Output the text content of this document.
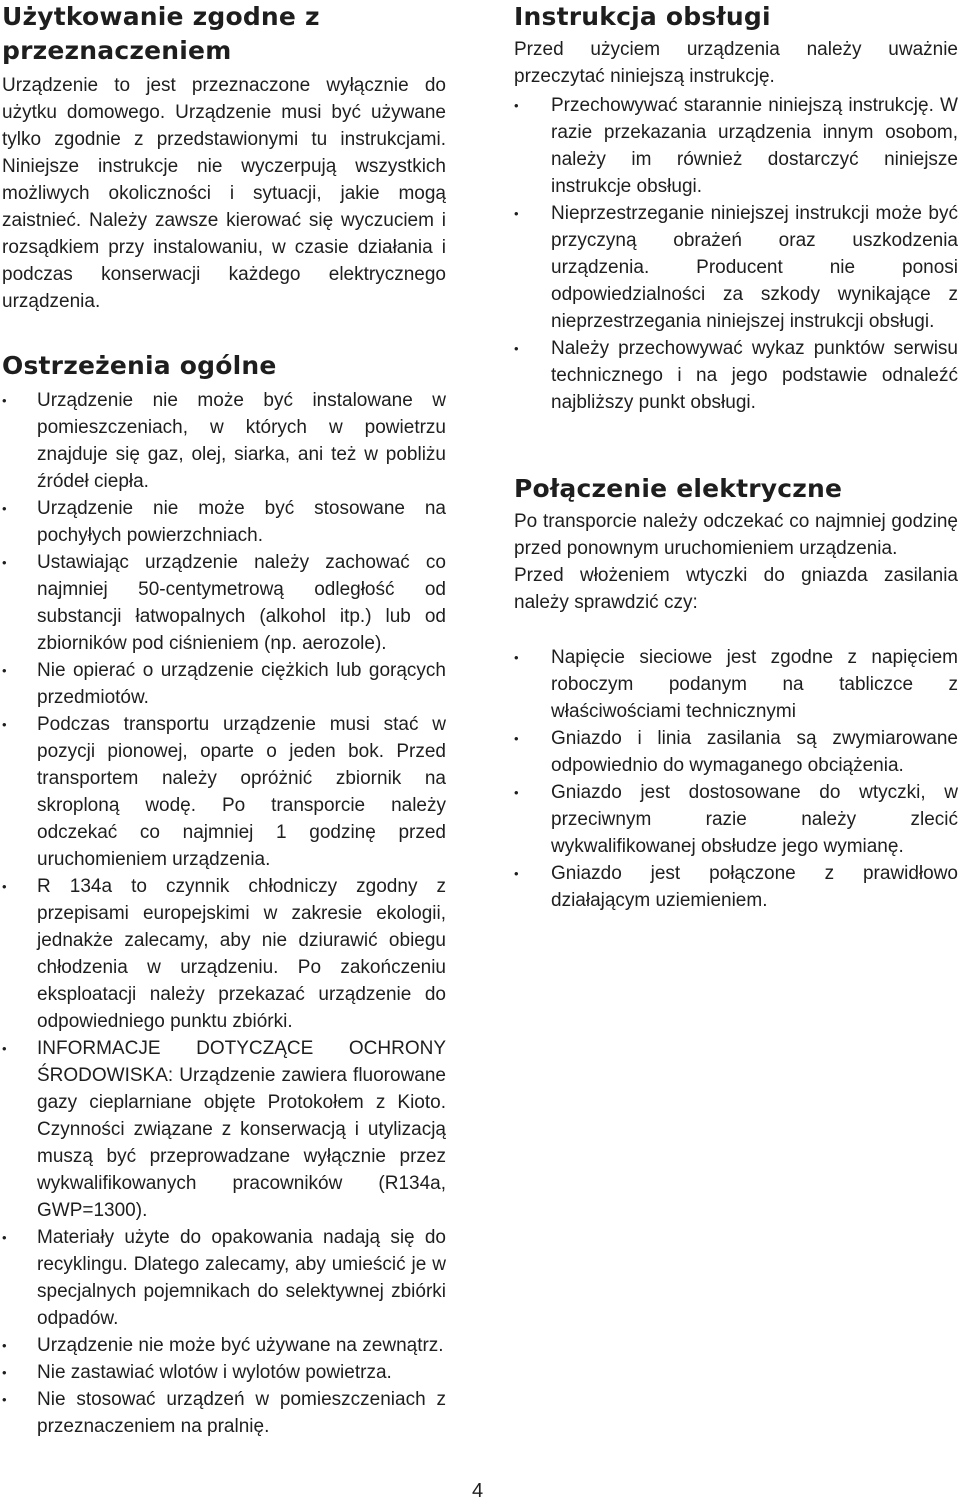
Użytkowanie zgodne z przeznaczeniem

Urządzenie to jest przeznaczone wyłącznie do użytku domowego. Urządzenie musi być używane tylko zgodnie z przedstawionymi tu instrukcjami. Niniejsze instrukcje nie wyczerpują wszystkich możliwych okoliczności i sytuacji, jakie mogą zaistnieć. Należy zawsze kierować się wyczuciem i rozsądkiem przy instalowaniu, w czasie działania i podczas konserwacji każdego elektrycznego urządzenia.

Ostrzeżenia ogólne
• Urządzenie nie może być instalowane w pomieszczeniach, w których w powietrzu znajduje się gaz, olej, siarka, ani też w pobliżu źródeł ciepła.
• Urządzenie nie może być stosowane na pochyłych powierzchniach.
• Ustawiając urządzenie należy zachować co najmniej 50-centymetrową odległość od substancji łatwopalnych (alkohol itp.) lub od zbiorników pod ciśnieniem (np. aerozole).
• Nie opierać o urządzenie ciężkich lub gorących przedmiotów.
• Podczas transportu urządzenie musi stać w pozycji pionowej, oparte o jeden bok. Przed transportem należy opróżnić zbiornik na skroploną wodę. Po transporcie należy odczekać co najmniej 1 godzinę przed uruchomieniem urządzenia.
• R 134a to czynnik chłodniczy zgodny z przepisami europejskimi w zakresie ekologii, jednakże zalecamy, aby nie dziurawić obiegu chłodzenia w urządzeniu. Po zakończeniu eksploatacji należy przekazać urządzenie do odpowiedniego punktu zbiórki.
• INFORMACJE DOTYCZĄCE OCHRONY ŚRODOWISKA: Urządzenie zawiera fluorowane gazy cieplarniane objęte Protokołem z Kioto. Czynności związane z konserwacją i utylizacją muszą być przeprowadzane wyłącznie przez wykwalifikowanych pracowników (R134a, GWP=1300).
• Materiały użyte do opakowania nadają się do recyklingu. Dlatego zalecamy, aby umieścić je w specjalnych pojemnikach do selektywnej zbiórki odpadów.
• Urządzenie nie może być używane na zewnątrz.
• Nie zastawiać wlotów i wylotów powietrza.
• Nie stosować urządzeń w pomieszczeniach z przeznaczeniem na pralnię.
Instrukcja obsługi

Przed użyciem urządzenia należy uważnie przeczytać niniejszą instrukcję.

• Przechowywać starannie niniejszą instrukcję. W razie przekazania urządzenia innym osobom, należy im również dostarczyć niniejsze instrukcje obsługi.
• Nieprzestrzeganie niniejszej instrukcji może być przyczyną obrażeń oraz uszkodzenia urządzenia. Producent nie ponosi odpowiedzialności za szkody wynikające z nieprzestrzegania niniejszej instrukcji obsługi.
• Należy przechowywać wykaz punktów serwisu technicznego i na jego podstawie odnaleźć najbliższy punkt obsługi.
Połączenie elektryczne

Po transporcie należy odczekać co najmniej godzinę przed ponownym uruchomieniem urządzenia.

Przed włożeniem wtyczki do gniazda zasilania należy sprawdzić czy:

• Napięcie sieciowe jest zgodne z napięciem roboczym podanym na tabliczce z właściwościami technicznymi
• Gniazdo i linia zasilania są zwymiarowane odpowiednio do wymaganego obciążenia.
• Gniazdo jest dostosowane do wtyczki, w przeciwnym razie należy zlecić wykwalifikowanej obsłudze jego wymianę.
• Gniazdo jest połączone z prawidłowo działającym uziemieniem.
4
